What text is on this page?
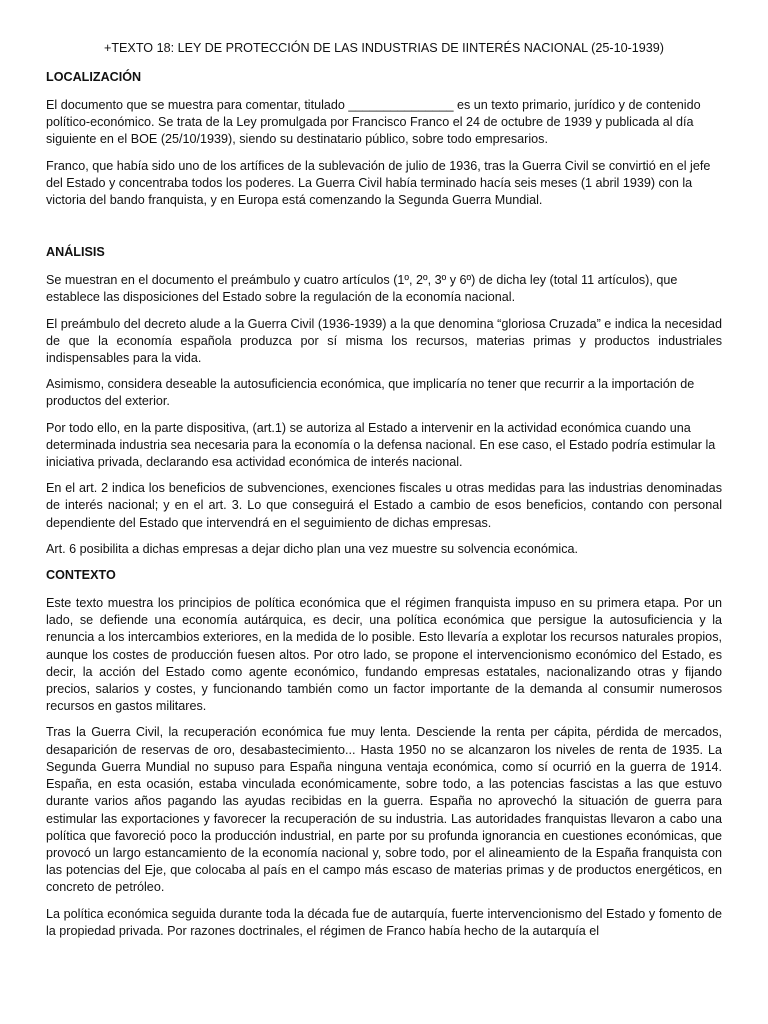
+TEXTO 18: LEY DE PROTECCIÓN DE LAS INDUSTRIAS DE IINTERÉS NACIONAL (25-10-1939)
LOCALIZACIÓN

El documento que se muestra para comentar, titulado _______________ es un texto primario, jurídico y de contenido político-económico. Se trata de la Ley promulgada por Francisco Franco el 24 de octubre de 1939 y publicada al día siguiente en el BOE (25/10/1939), siendo su destinatario público, sobre todo empresarios.

Franco, que había sido uno de los artífices de la sublevación de julio de 1936, tras la Guerra Civil se convirtió en el jefe del Estado y concentraba todos los poderes. La Guerra Civil había terminado hacía seis meses (1 abril 1939) con la victoria del bando franquista, y en Europa está comenzando la Segunda Guerra Mundial.

ANÁLISIS

Se muestran en el documento el preámbulo y cuatro artículos (1º, 2º, 3º y 6º) de dicha ley (total 11 artículos), que establece las disposiciones del Estado sobre la regulación de la economía nacional.

El preámbulo del decreto alude a la Guerra Civil (1936-1939) a la que denomina “gloriosa Cruzada” e indica la necesidad de que la economía española produzca por sí misma los recursos, materias primas y productos industriales indispensables para la vida.

Asimismo, considera deseable la autosuficiencia económica, que implicaría no tener que recurrir a la importación de productos del exterior.

Por todo ello, en la parte dispositiva, (art.1) se autoriza al Estado a intervenir en la actividad económica cuando una determinada industria sea necesaria para la economía o la defensa nacional. En ese caso, el Estado podría estimular la iniciativa privada, declarando esa actividad económica de interés nacional.

En el art. 2 indica los beneficios de subvenciones, exenciones fiscales u otras medidas para las industrias denominadas de interés nacional; y en el art. 3. Lo que conseguirá el Estado a cambio de esos beneficios, contando con personal dependiente del Estado que intervendrá en el seguimiento de dichas empresas.

Art. 6 posibilita a dichas empresas a dejar dicho plan una vez muestre su solvencia económica.

CONTEXTO

Este texto muestra los principios de política económica que el régimen franquista impuso en su primera etapa. Por un lado, se defiende una economía autárquica, es decir, una política económica que persigue la autosuficiencia y la renuncia a los intercambios exteriores, en la medida de lo posible. Esto llevaría a explotar los recursos naturales propios, aunque los costes de producción fuesen altos. Por otro lado, se propone el intervencionismo económico del Estado, es decir, la acción del Estado como agente económico, fundando empresas estatales, nacionalizando otras y fijando precios, salarios y costes, y funcionando también como un factor importante de la demanda al consumir numerosos recursos en gastos militares.

Tras la Guerra Civil, la recuperación económica fue muy lenta. Desciende la renta per cápita, pérdida de mercados, desaparición de reservas de oro, desabastecimiento... Hasta 1950 no se alcanzaron los niveles de renta de 1935. La Segunda Guerra Mundial no supuso para España ninguna ventaja económica, como sí ocurrió en la guerra de 1914. España, en esta ocasión, estaba vinculada económicamente, sobre todo, a las potencias fascistas a las que estuvo durante varios años pagando las ayudas recibidas en la guerra. España no aprovechó la situación de guerra para estimular las exportaciones y favorecer la recuperación de su industria. Las autoridades franquistas llevaron a cabo una política que favoreció poco la producción industrial, en parte por su profunda ignorancia en cuestiones económicas, que provocó un largo estancamiento de la economía nacional y, sobre todo, por el alineamiento de la España franquista con las potencias del Eje, que colocaba al país en el campo más escaso de materias primas y de productos energéticos, en concreto de petróleo.

La política económica seguida durante toda la década fue de autarquía, fuerte intervencionismo del Estado y fomento de la propiedad privada. Por razones doctrinales, el régimen de Franco había hecho de la autarquía el
